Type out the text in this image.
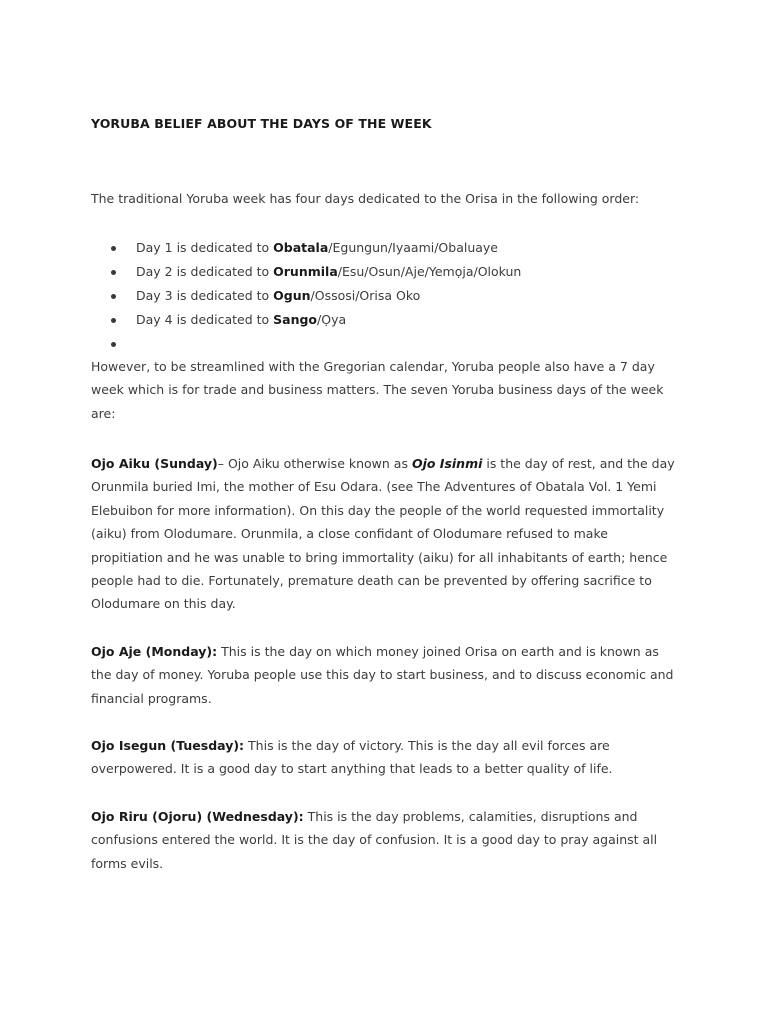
YORUBA BELIEF ABOUT THE DAYS OF THE WEEK
The traditional Yoruba week has four days dedicated to the Orisa in the following order:
Day 1 is dedicated to Obatala/Egungun/Iyaami/Obaluaye
Day 2 is dedicated to Orunmila/Esu/Osun/Aje/Yemọja/Olokun
Day 3 is dedicated to Ogun/Ossosi/Orisa Oko
Day 4 is dedicated to Sango/Ọya
However, to be streamlined with the Gregorian calendar, Yoruba people also have a 7 day week which is for trade and business matters. The seven Yoruba business days of the week are:
Ojo Aiku (Sunday)– Ojo Aiku otherwise known as Ojo Isinmi is the day of rest, and the day Orunmila buried Imi, the mother of Esu Odara. (see The Adventures of Obatala Vol. 1 Yemi Elebuibon for more information). On this day the people of the world requested immortality (aiku) from Olodumare. Orunmila, a close confidant of Olodumare refused to make propitiation and he was unable to bring immortality (aiku) for all inhabitants of earth; hence people had to die. Fortunately, premature death can be prevented by offering sacrifice to Olodumare on this day.
Ojo Aje (Monday): This is the day on which money joined Orisa on earth and is known as the day of money. Yoruba people use this day to start business, and to discuss economic and financial programs.
Ojo Isegun (Tuesday): This is the day of victory. This is the day all evil forces are overpowered. It is a good day to start anything that leads to a better quality of life.
Ojo Riru (Ojoru) (Wednesday): This is the day problems, calamities, disruptions and confusions entered the world. It is the day of confusion. It is a good day to pray against all forms evils.
